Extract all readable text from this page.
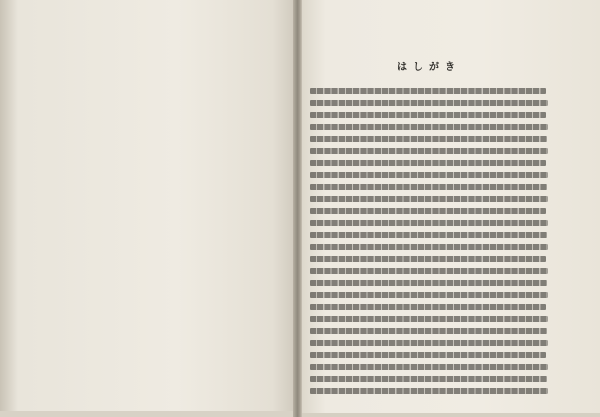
はしがき
